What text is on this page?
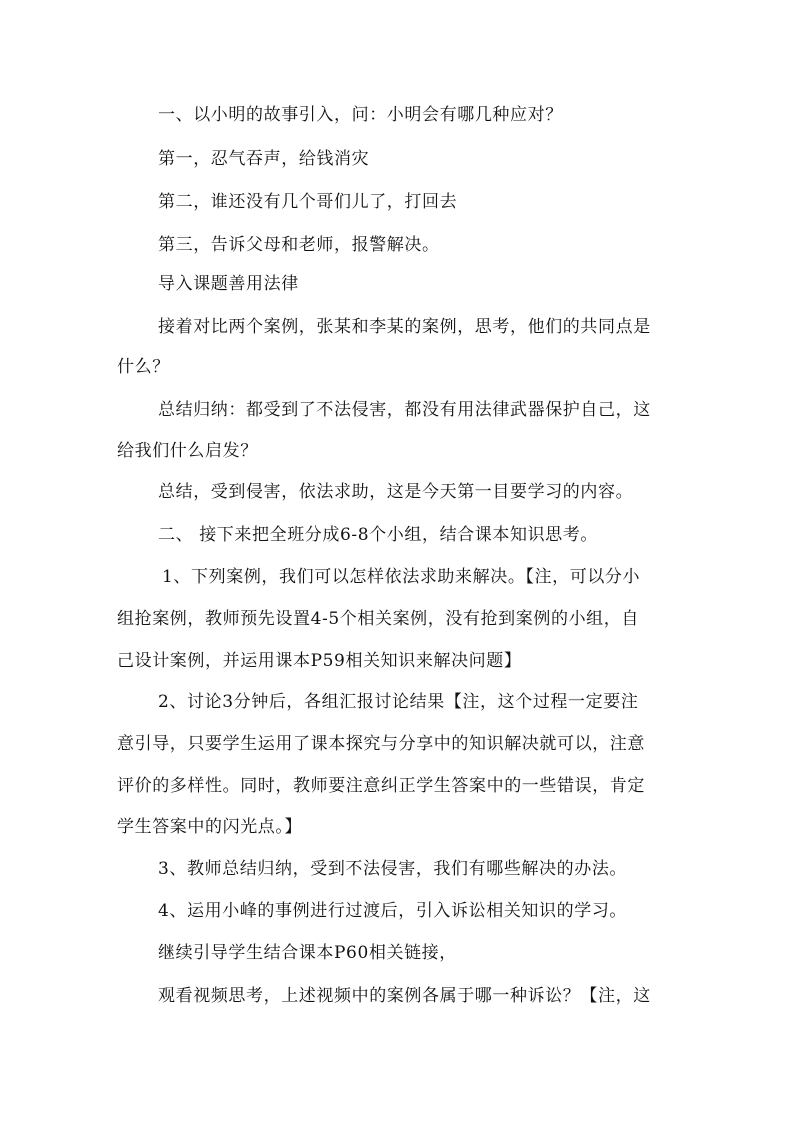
一、以小明的故事引入，问：小明会有哪几种应对？
第一，忍气吞声，给钱消灾
第二，谁还没有几个哥们儿了，打回去
第三，告诉父母和老师，报警解决。
导入课题善用法律
接着对比两个案例，张某和李某的案例，思考，他们的共同点是
什么？
总结归纳：都受到了不法侵害，都没有用法律武器保护自己，这
给我们什么启发？
总结，受到侵害，依法求助，这是今天第一目要学习的内容。
二、 接下来把全班分成6-8个小组，结合课本知识思考。
1、下列案例，我们可以怎样依法求助来解决。【注，可以分小
组抢案例，教师预先设置4-5个相关案例，没有抢到案例的小组，自
己设计案例，并运用课本P59相关知识来解决问题】
2、讨论3分钟后，各组汇报讨论结果【注，这个过程一定要注
意引导，只要学生运用了课本探究与分享中的知识解决就可以，注意
评价的多样性。同时，教师要注意纠正学生答案中的一些错误，肯定
学生答案中的闪光点。】
3、教师总结归纳，受到不法侵害，我们有哪些解决的办法。
4、运用小峰的事例进行过渡后，引入诉讼相关知识的学习。
继续引导学生结合课本P60相关链接，
观看视频思考，上述视频中的案例各属于哪一种诉讼？【注，这
